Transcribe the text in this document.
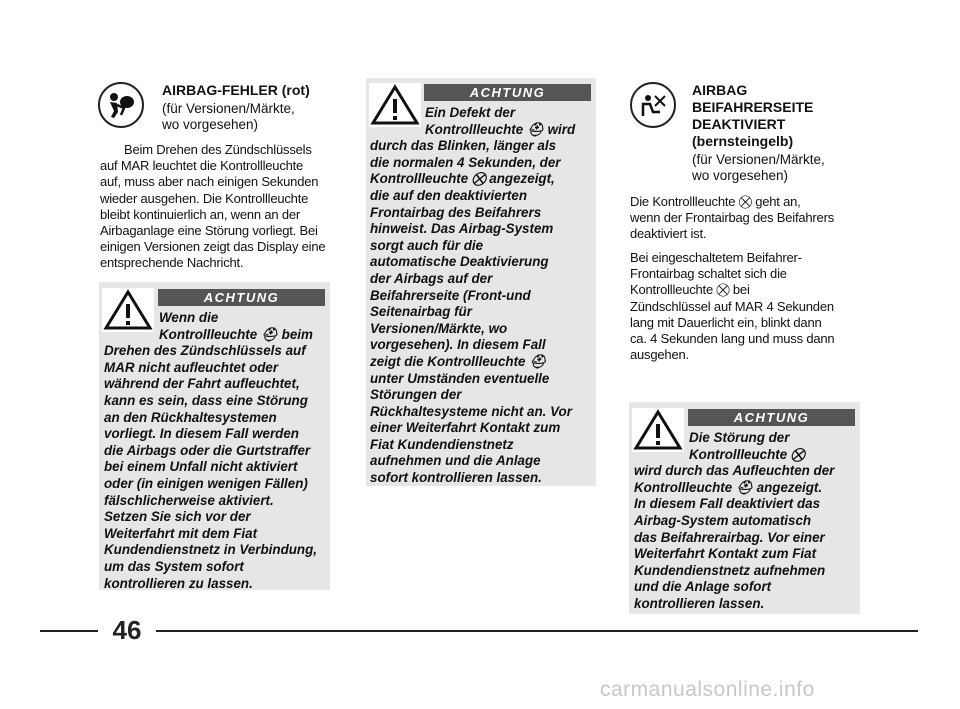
AIRBAG-FEHLER (rot)
(für Versionen/Märkte,
wo vorgesehen)
Beim Drehen des Zündschlüssels
auf MAR leuchtet die Kontrollleuchte
auf, muss aber nach einigen Sekunden
wieder ausgehen. Die Kontrollleuchte
bleibt kontinuierlich an, wenn an der
Airbaganlage eine Störung vorliegt. Bei
einigen Versionen zeigt das Display eine
entsprechende Nachricht.
ACHTUNG
Wenn die
Kontrollleuchte ⛑ beim
Drehen des Zündschlüssels auf
MAR nicht aufleuchtet oder
während der Fahrt aufleuchtet,
kann es sein, dass eine Störung
an den Rückhaltesystemen
vorliegt. In diesem Fall werden
die Airbags oder die Gurtstraffer
bei einem Unfall nicht aktiviert
oder (in einigen wenigen Fällen)
fälschlicherweise aktiviert.
Setzen Sie sich vor der
Weiterfahrt mit dem Fiat
Kundendienstnetz in Verbindung,
um das System sofort
kontrollieren zu lassen.
ACHTUNG
Ein Defekt der
Kontrollleuchte ⛑ wird
durch das Blinken, länger als
die normalen 4 Sekunden, der
Kontrollleuchte ⛒ angezeigt,
die auf den deaktivierten
Frontairbag des Beifahrers
hinweist. Das Airbag-System
sorgt auch für die
automatische Deaktivierung
der Airbags auf der
Beifahrerseite (Front-und
Seitenairbag für
Versionen/Märkte, wo
vorgesehen). In diesem Fall
zeigt die Kontrollleuchte ⛑
unter Umständen eventuelle
Störungen der
Rückhaltesysteme nicht an. Vor
einer Weiterfahrt Kontakt zum
Fiat Kundendienstnetz
aufnehmen und die Anlage
sofort kontrollieren lassen.
AIRBAG
BEIFAHRERSEITE
DEAKTIVIERT
(bernsteingelb)
(für Versionen/Märkte,
wo vorgesehen)
Die Kontrollleuchte ⛒ geht an,
wenn der Frontairbag des Beifahrers
deaktiviert ist.
Bei eingeschaltetem Beifahrer-
Frontairbag schaltet sich die
Kontrollleuchte ⛒ bei
Zündschlüssel auf MAR 4 Sekunden
lang mit Dauerlicht ein, blinkt dann
ca. 4 Sekunden lang und muss dann
ausgehen.
ACHTUNG
Die Störung der
Kontrollleuchte ⛒
wird durch das Aufleuchten der
Kontrollleuchte ⛑ angezeigt.
In diesem Fall deaktiviert das
Airbag-System automatisch
das Beifahrerairbag. Vor einer
Weiterfahrt Kontakt zum Fiat
Kundendienstnetz aufnehmen
und die Anlage sofort
kontrollieren lassen.
46
carmanualsonline.info
